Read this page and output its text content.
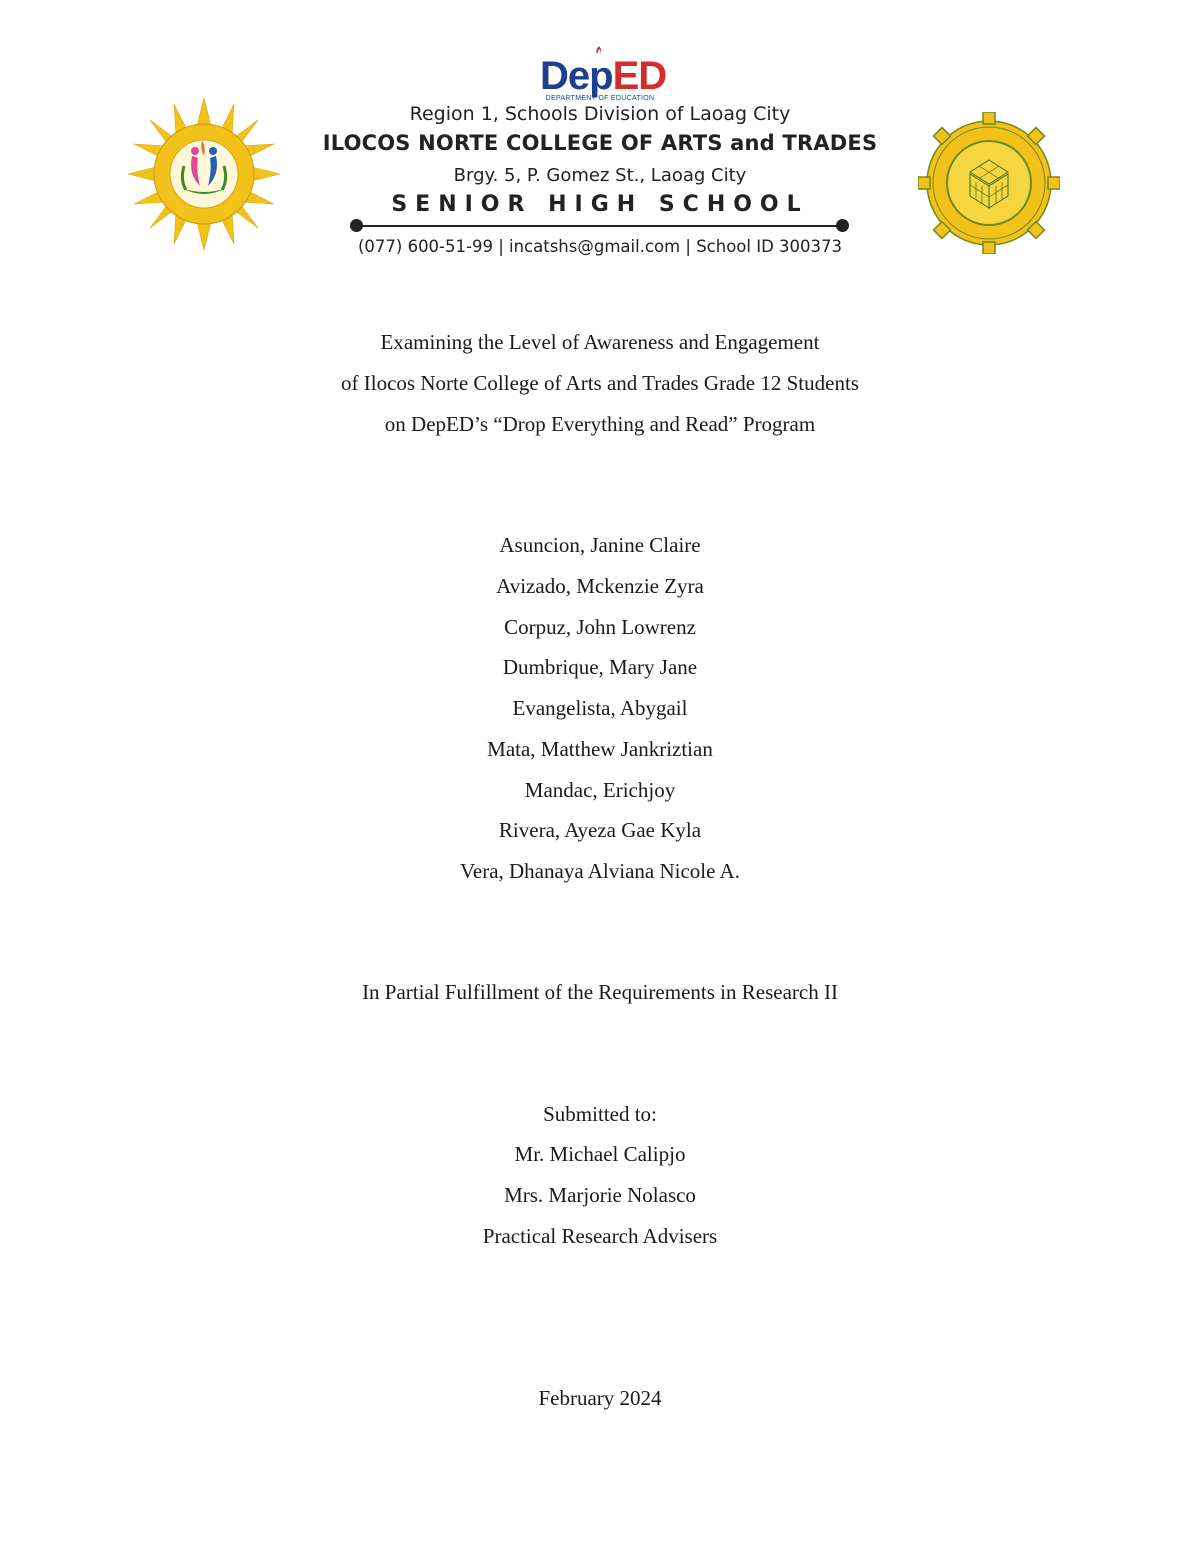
DepED
DEPARTMENT OF EDUCATION
Region 1, Schools Division of Laoag City
ILOCOS NORTE COLLEGE OF ARTS and TRADES
Brgy. 5, P. Gomez St., Laoag City
SENIOR HIGH SCHOOL
(077) 600-51-99 | incatshs@gmail.com | School ID 300373
Examining the Level of Awareness and Engagement
of Ilocos Norte College of Arts and Trades Grade 12 Students
on DepED’s “Drop Everything and Read” Program
Asuncion, Janine Claire
Avizado, Mckenzie Zyra
Corpuz, John Lowrenz
Dumbrique, Mary Jane
Evangelista, Abygail
Mata, Matthew Jankriztian
Mandac, Erichjoy
Rivera, Ayeza Gae Kyla
Vera, Dhanaya Alviana Nicole A.
In Partial Fulfillment of the Requirements in Research II
Submitted to:
Mr. Michael Calipjo
Mrs. Marjorie Nolasco
Practical Research Advisers
February 2024
